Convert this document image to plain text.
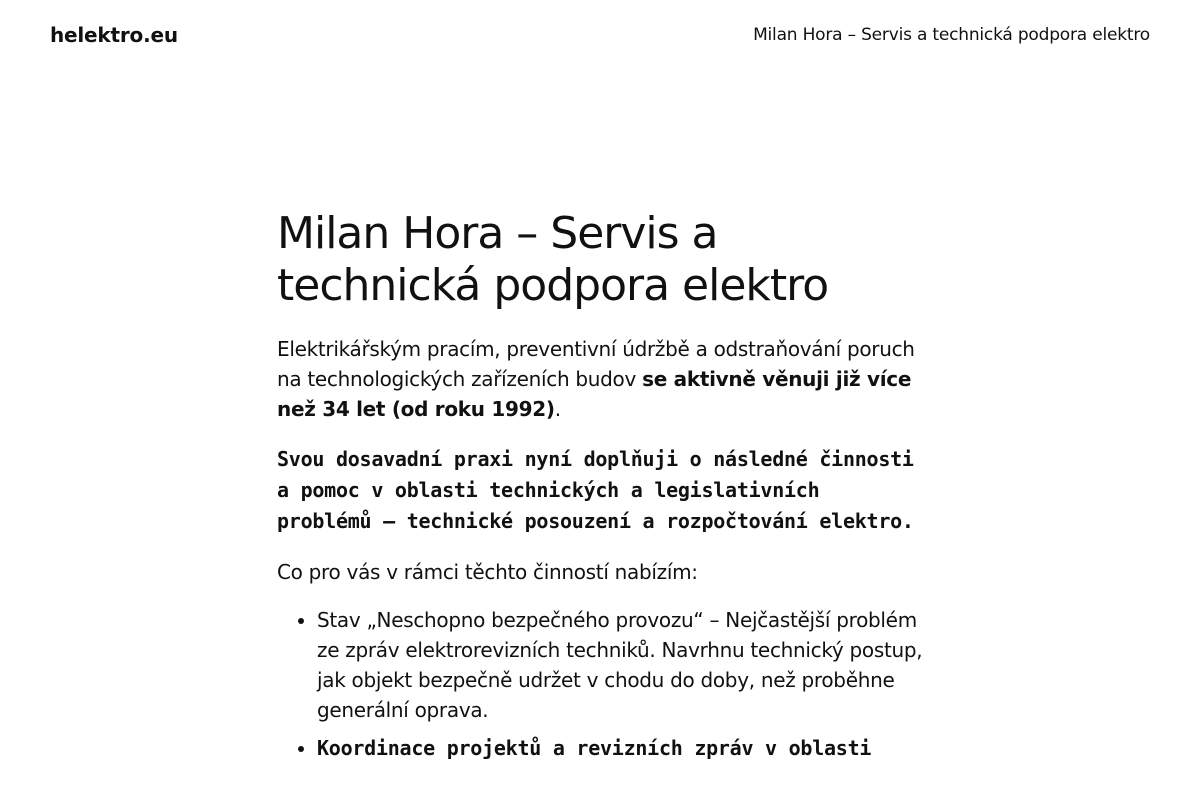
helektro.eu	Milan Hora – Servis a technická podpora elektro
Milan Hora – Servis a technická podpora elektro

Elektrikářským pracím, preventivní údržbě a odstraňování poruch na technologických zařízeních budov se aktivně věnuji již více než 34 let (od roku 1992).

Svou dosavadní praxi nyní doplňuji o následné činnosti a pomoc v oblasti technických a legislativních problémů – technické posouzení a rozpočtování elektro.

Co pro vás v rámci těchto činností nabízím:

• Stav „Neschopno bezpečného provozu“ – Nejčastější problém ze zpráv elektrorevizních techniků. Navrhnu technický postup, jak objekt bezpečně udržet v chodu do doby, než proběhne generální oprava.
• Koordinace projektů a revizních zpráv v oblasti
